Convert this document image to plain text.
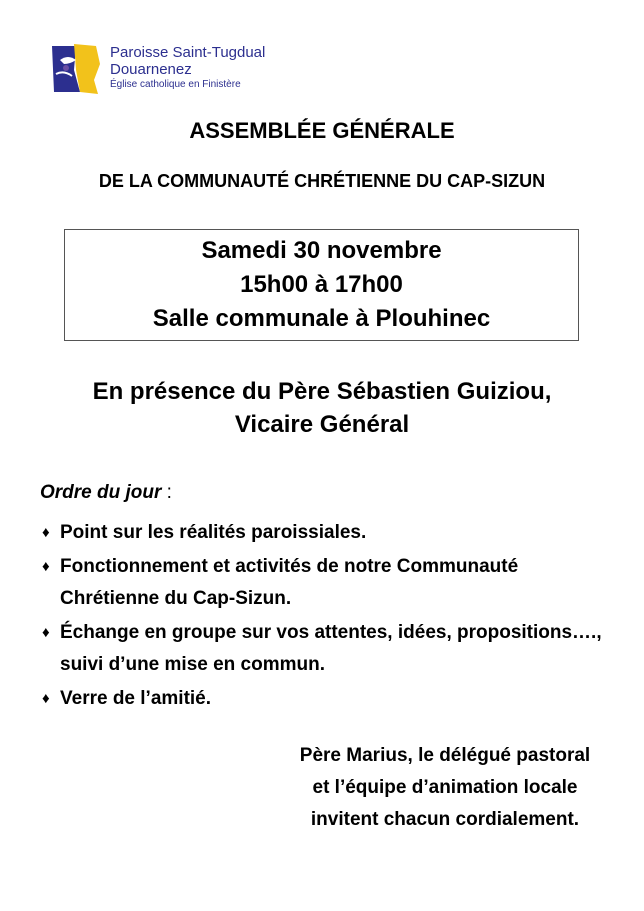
Paroisse Saint-Tugdual
Douarnenez
Église catholique en Finistère
ASSEMBLÉE GÉNÉRALE
DE LA COMMUNAUTÉ CHRÉTIENNE DU CAP-SIZUN
Samedi 30 novembre
15h00 à 17h00
Salle communale à Plouhinec
En présence du Père Sébastien Guiziou,
Vicaire Général
Ordre du jour :
♦ Point sur les réalités paroissiales.
♦ Fonctionnement et activités de notre Communauté Chrétienne du Cap-Sizun.
♦ Échange en groupe sur vos attentes, idées, propositions…., suivi d’une mise en commun.
♦ Verre de l’amitié.
Père Marius, le délégué pastoral
et l’équipe d’animation locale
invitent chacun cordialement.
